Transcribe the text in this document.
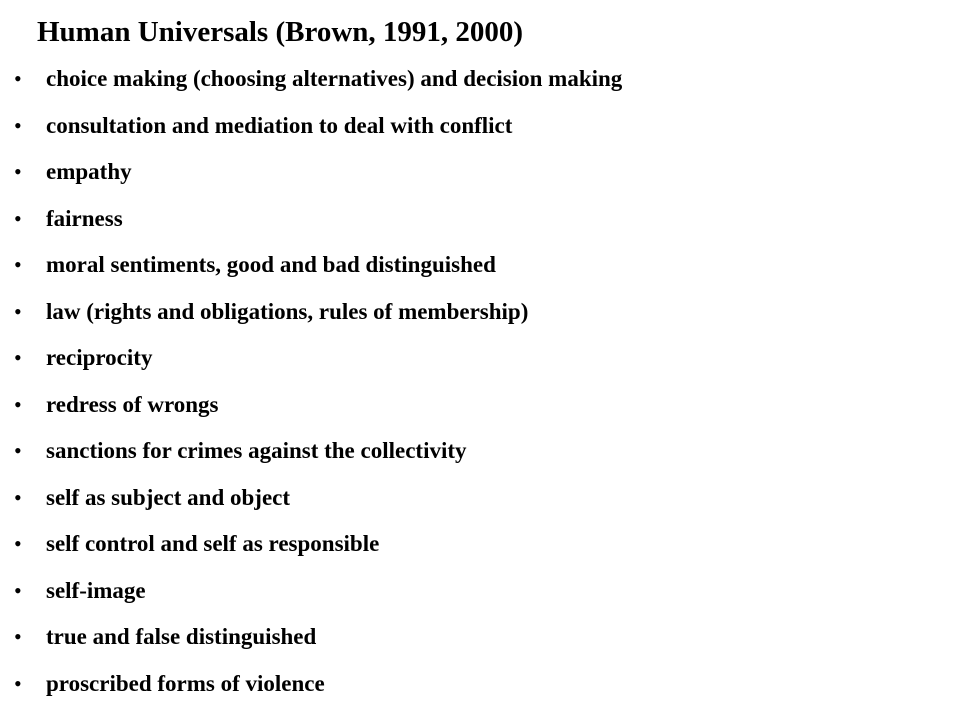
Human Universals (Brown, 1991, 2000)
• choice making (choosing alternatives) and decision making
• consultation and mediation to deal with conflict
• empathy
• fairness
• moral sentiments, good and bad distinguished
• law (rights and obligations, rules of membership)
• reciprocity
• redress of wrongs
• sanctions for crimes against the collectivity
• self as subject and object
• self control and self as responsible
• self-image
• true and false distinguished
• proscribed forms of violence
